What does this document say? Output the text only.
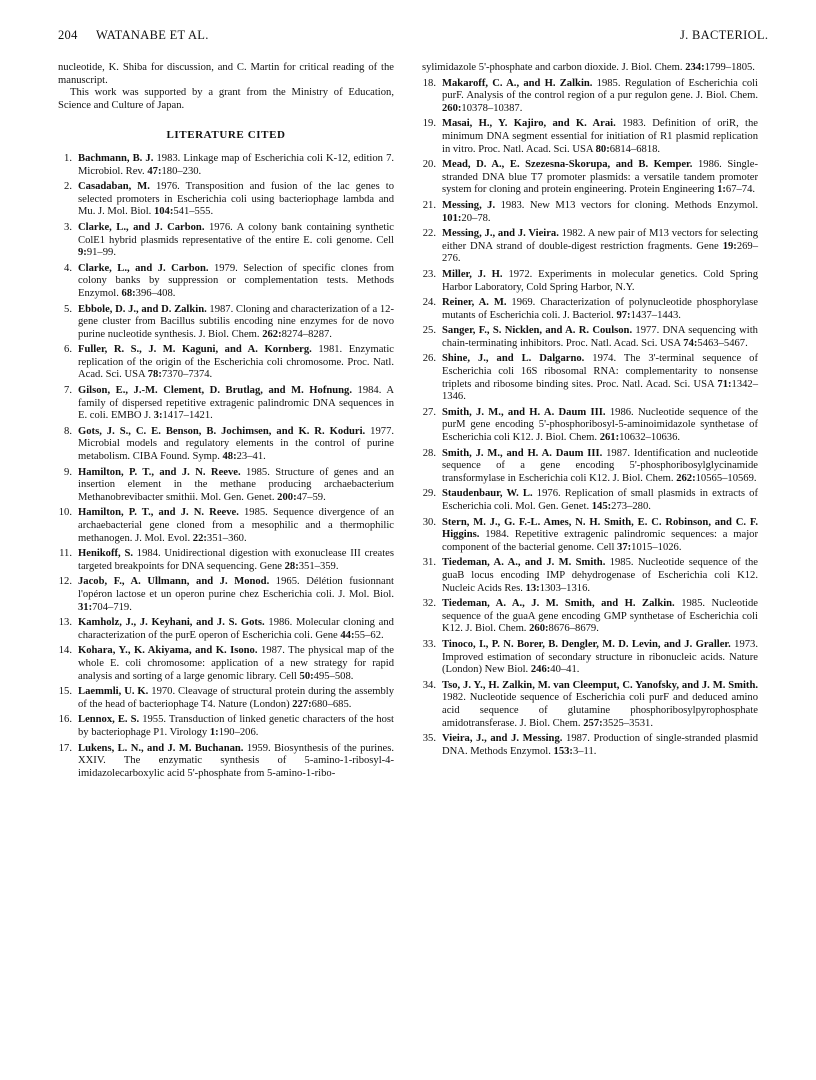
204 WATANABE ET AL.	J. BACTERIOL.

nucleotide, K. Shiba for discussion, and C. Martin for critical reading of the manuscript.

This work was supported by a grant from the Ministry of Education, Science and Culture of Japan.

LITERATURE CITED
1. Bachmann, B. J. 1983. Linkage map of Escherichia coli K-12, edition 7. Microbiol. Rev. 47:180–230.
2. Casadaban, M. 1976. Transposition and fusion of the lac genes to selected promoters in Escherichia coli using bacteriophage lambda and Mu. J. Mol. Biol. 104:541–555.
3. Clarke, L., and J. Carbon. 1976. A colony bank containing synthetic ColE1 hybrid plasmids representative of the entire E. coli genome. Cell 9:91–99.
4. Clarke, L., and J. Carbon. 1979. Selection of specific clones from colony banks by suppression or complementation tests. Methods Enzymol. 68:396–408.
5. Ebbole, D. J., and D. Zalkin. 1987. Cloning and characterization of a 12-gene cluster from Bacillus subtilis encoding nine enzymes for de novo purine nucleotide synthesis. J. Biol. Chem. 262:8274–8287.
6. Fuller, R. S., J. M. Kaguni, and A. Kornberg. 1981. Enzymatic replication of the origin of the Escherichia coli chromosome. Proc. Natl. Acad. Sci. USA 78:7370–7374.
7. Gilson, E., J.-M. Clement, D. Brutlag, and M. Hofnung. 1984. A family of dispersed repetitive extragenic palindromic DNA sequences in E. coli. EMBO J. 3:1417–1421.
8. Gots, J. S., C. E. Benson, B. Jochimsen, and K. R. Koduri. 1977. Microbial models and regulatory elements in the control of purine metabolism. CIBA Found. Symp. 48:23–41.
9. Hamilton, P. T., and J. N. Reeve. 1985. Structure of genes and an insertion element in the methane producing archaebacterium Methanobrevibacter smithii. Mol. Gen. Genet. 200:47–59.
10. Hamilton, P. T., and J. N. Reeve. 1985. Sequence divergence of an archaebacterial gene cloned from a mesophilic and a thermophilic methanogen. J. Mol. Evol. 22:351–360.
11. Henikoff, S. 1984. Unidirectional digestion with exonuclease III creates targeted breakpoints for DNA sequencing. Gene 28:351–359.
12. Jacob, F., A. Ullmann, and J. Monod. 1965. Délétion fusionnant l'opéron lactose et un operon purine chez Escherichia coli. J. Mol. Biol. 31:704–719.
13. Kamholz, J., J. Keyhani, and J. S. Gots. 1986. Molecular cloning and characterization of the purE operon of Escherichia coli. Gene 44:55–62.
14. Kohara, Y., K. Akiyama, and K. Isono. 1987. The physical map of the whole E. coli chromosome: application of a new strategy for rapid analysis and sorting of a large genomic library. Cell 50:495–508.
15. Laemmli, U. K. 1970. Cleavage of structural protein during the assembly of the head of bacteriophage T4. Nature (London) 227:680–685.
16. Lennox, E. S. 1955. Transduction of linked genetic characters of the host by bacteriophage P1. Virology 1:190–206.
17. Lukens, L. N., and J. M. Buchanan. 1959. Biosynthesis of the purines. XXIV. The enzymatic synthesis of 5-amino-1-ribosyl-4-imidazolecarboxylic acid 5'-phosphate from 5-amino-1-ribo-
sylimidazole 5'-phosphate and carbon dioxide. J. Biol. Chem. 234:1799–1805.
18. Makaroff, C. A., and H. Zalkin. 1985. Regulation of Escherichia coli purF. Analysis of the control region of a pur regulon gene. J. Biol. Chem. 260:10378–10387.
19. Masai, H., Y. Kajiro, and K. Arai. 1983. Definition of oriR, the minimum DNA segment essential for initiation of R1 plasmid replication in vitro. Proc. Natl. Acad. Sci. USA 80:6814–6818.
20. Mead, D. A., E. Szezesna-Skorupa, and B. Kemper. 1986. Single-stranded DNA blue T7 promoter plasmids: a versatile tandem promoter system for cloning and protein engineering. Protein Engineering 1:67–74.
21. Messing, J. 1983. New M13 vectors for cloning. Methods Enzymol. 101:20–78.
22. Messing, J., and J. Vieira. 1982. A new pair of M13 vectors for selecting either DNA strand of double-digest restriction fragments. Gene 19:269–276.
23. Miller, J. H. 1972. Experiments in molecular genetics. Cold Spring Harbor Laboratory, Cold Spring Harbor, N.Y.
24. Reiner, A. M. 1969. Characterization of polynucleotide phosphorylase mutants of Escherichia coli. J. Bacteriol. 97:1437–1443.
25. Sanger, F., S. Nicklen, and A. R. Coulson. 1977. DNA sequencing with chain-terminating inhibitors. Proc. Natl. Acad. Sci. USA 74:5463–5467.
26. Shine, J., and L. Dalgarno. 1974. The 3'-terminal sequence of Escherichia coli 16S ribosomal RNA: complementarity to nonsense triplets and ribosome binding sites. Proc. Natl. Acad. Sci. USA 71:1342–1346.
27. Smith, J. M., and H. A. Daum III. 1986. Nucleotide sequence of the purM gene encoding 5'-phosphoribosyl-5-aminoimidazole synthetase of Escherichia coli K12. J. Biol. Chem. 261:10632–10636.
28. Smith, J. M., and H. A. Daum III. 1987. Identification and nucleotide sequence of a gene encoding 5'-phosphoribosylglycinamide transformylase in Escherichia coli K12. J. Biol. Chem. 262:10565–10569.
29. Staudenbaur, W. L. 1976. Replication of small plasmids in extracts of Escherichia coli. Mol. Gen. Genet. 145:273–280.
30. Stern, M. J., G. F.-L. Ames, N. H. Smith, E. C. Robinson, and C. F. Higgins. 1984. Repetitive extragenic palindromic sequences: a major component of the bacterial genome. Cell 37:1015–1026.
31. Tiedeman, A. A., and J. M. Smith. 1985. Nucleotide sequence of the guaB locus encoding IMP dehydrogenase of Escherichia coli K12. Nucleic Acids Res. 13:1303–1316.
32. Tiedeman, A. A., J. M. Smith, and H. Zalkin. 1985. Nucleotide sequence of the guaA gene encoding GMP synthetase of Escherichia coli K12. J. Biol. Chem. 260:8676–8679.
33. Tinoco, I., P. N. Borer, B. Dengler, M. D. Levin, and J. Graller. 1973. Improved estimation of secondary structure in ribonucleic acids. Nature (London) New Biol. 246:40–41.
34. Tso, J. Y., H. Zalkin, M. van Cleemput, C. Yanofsky, and J. M. Smith. 1982. Nucleotide sequence of Escherichia coli purF and deduced amino acid sequence of glutamine phosphoribosylpyrophosphate amidotransferase. J. Biol. Chem. 257:3525–3531.
35. Vieira, J., and J. Messing. 1987. Production of single-stranded plasmid DNA. Methods Enzymol. 153:3–11.
